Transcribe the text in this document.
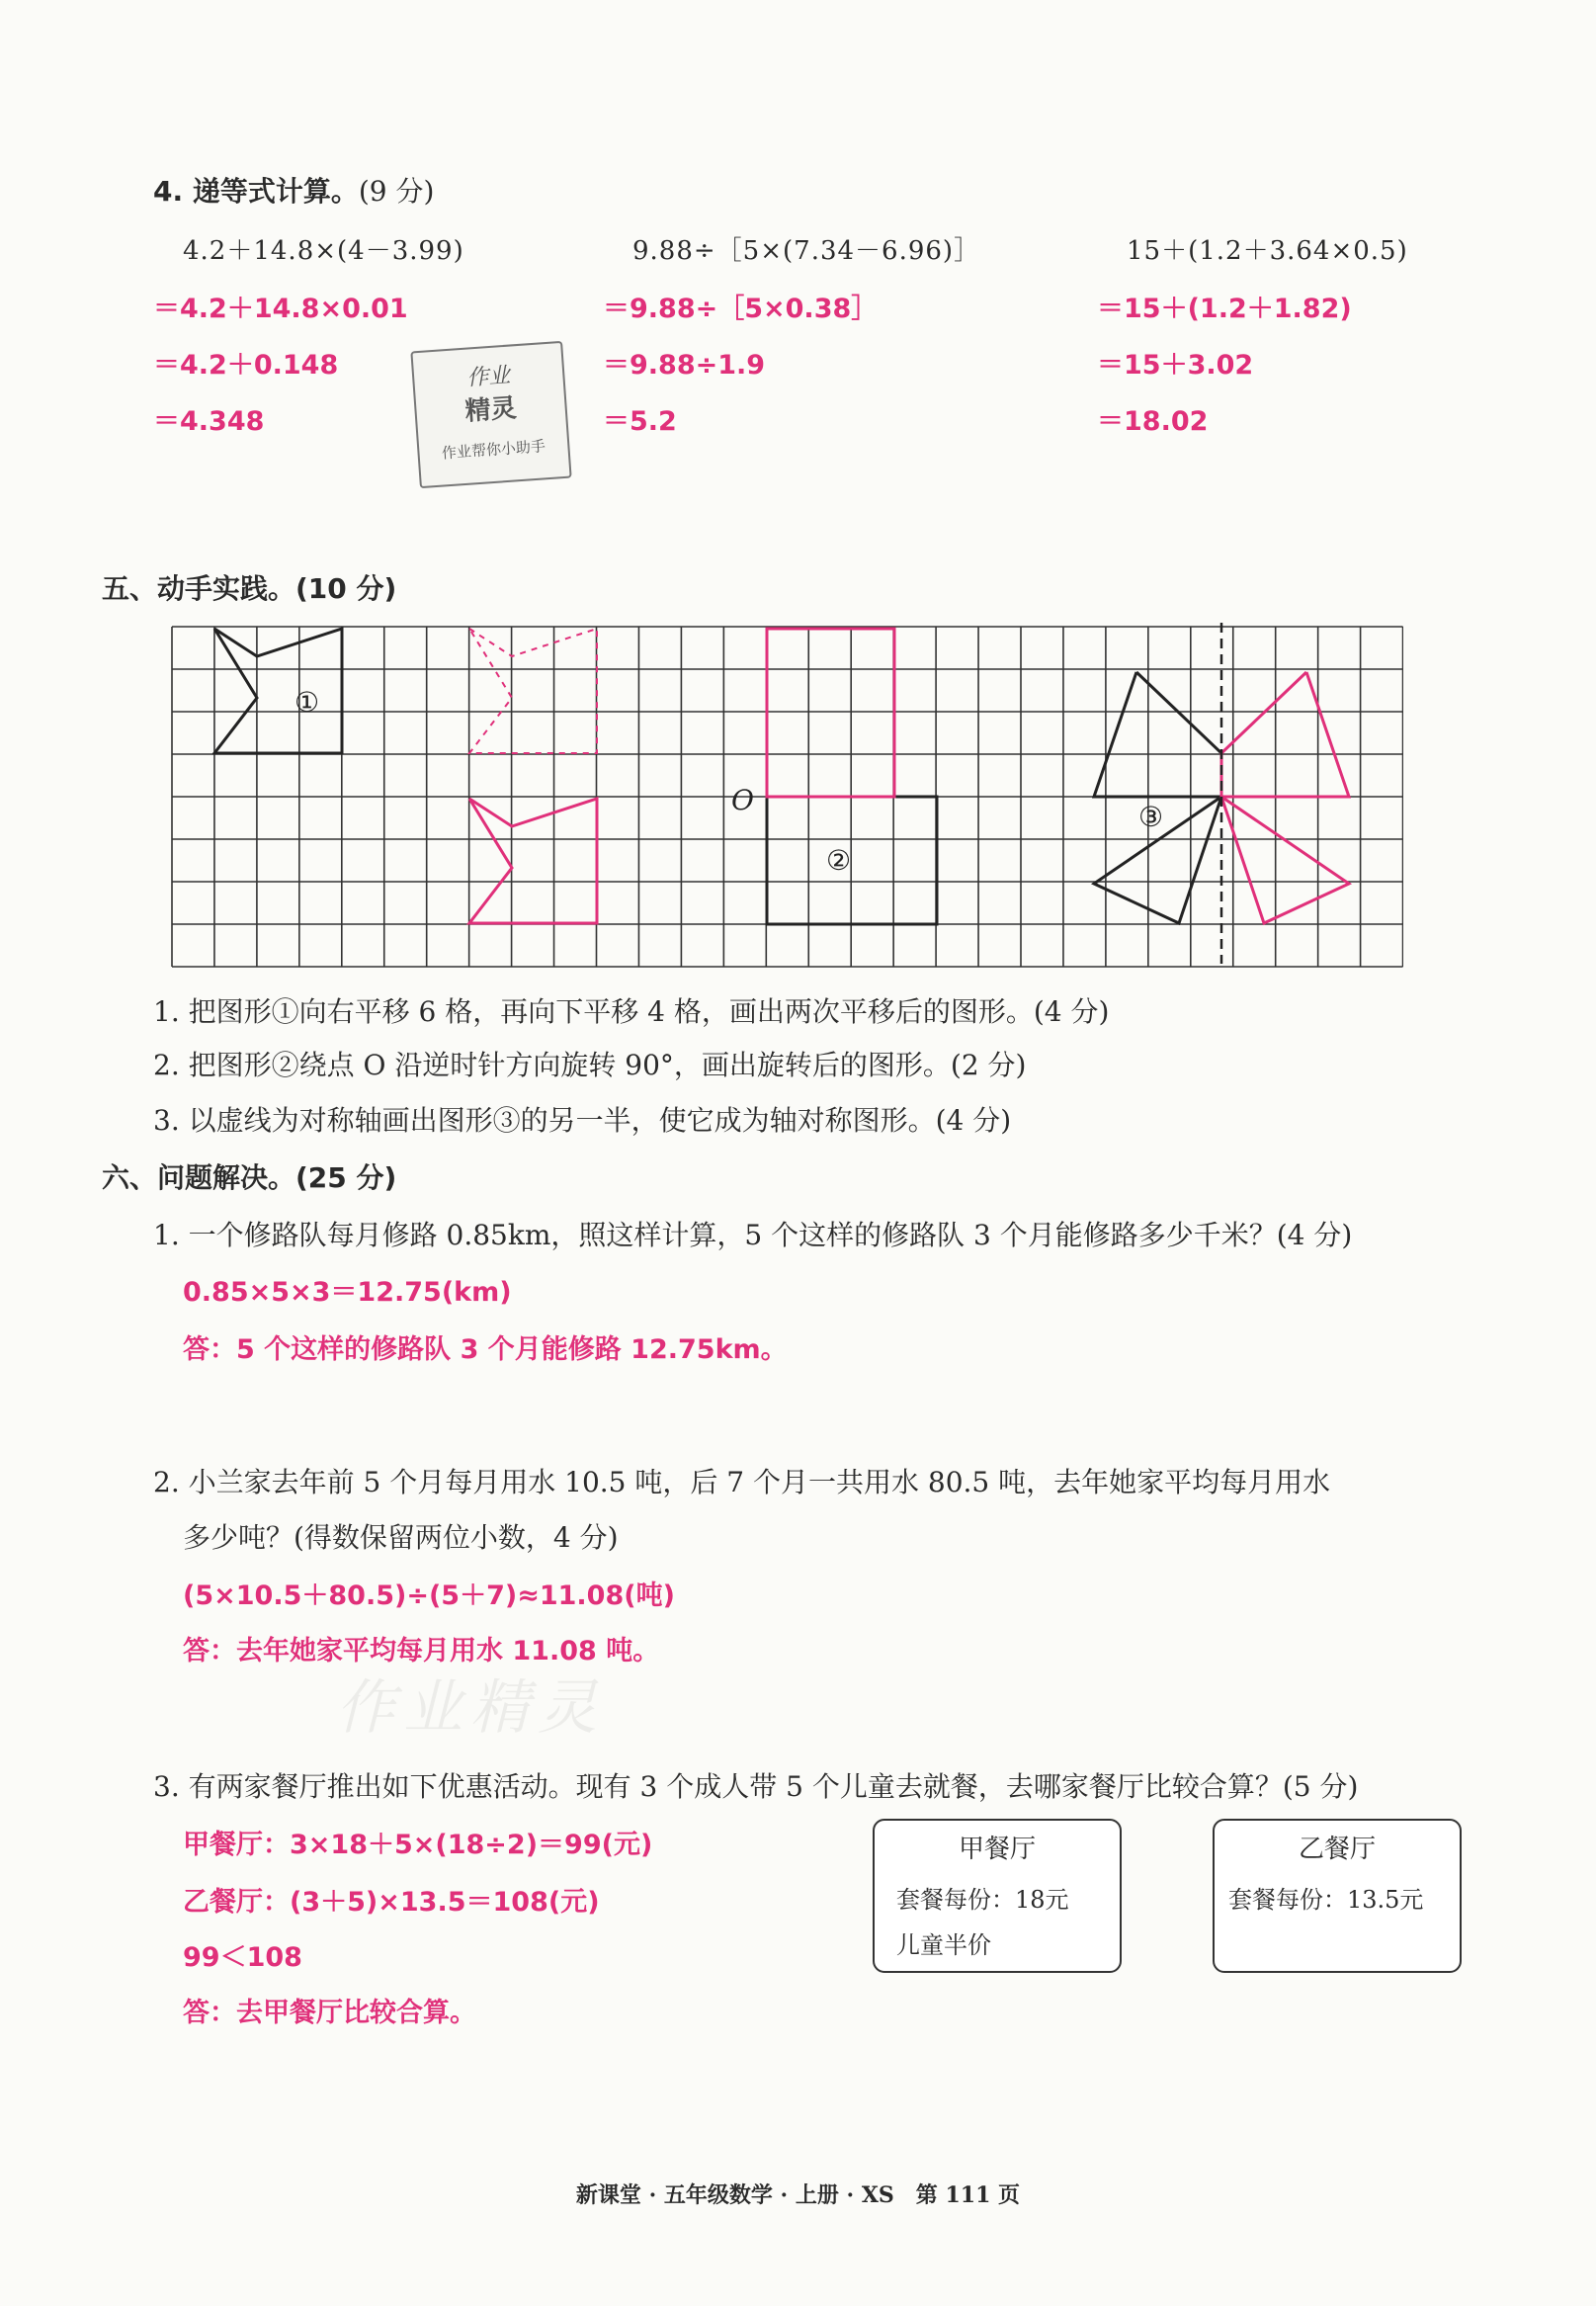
4. 递等式计算。(9 分)
4.2＋14.8×(4－3.99)	9.88÷［5×(7.34－6.96)］	15＋(1.2＋3.64×0.5)
＝4.2＋14.8×0.01
＝4.2＋0.148
＝4.348
＝9.88÷［5×0.38］
＝9.88÷1.9
＝5.2
＝15＋(1.2＋1.82)
＝15＋3.02
＝18.02
作业
精灵
作业帮你小助手
五、动手实践。(10 分)
①
②
③
O
1. 把图形①向右平移 6 格，再向下平移 4 格，画出两次平移后的图形。(4 分)
2. 把图形②绕点 O 沿逆时针方向旋转 90°，画出旋转后的图形。(2 分)
3. 以虚线为对称轴画出图形③的另一半，使它成为轴对称图形。(4 分)
六、问题解决。(25 分)
1. 一个修路队每月修路 0.85km，照这样计算，5 个这样的修路队 3 个月能修路多少千米？(4 分)
0.85×5×3＝12.75(km)
答：5 个这样的修路队 3 个月能修路 12.75km。
2. 小兰家去年前 5 个月每月用水 10.5 吨，后 7 个月一共用水 80.5 吨，去年她家平均每月用水
多少吨？(得数保留两位小数，4 分)
(5×10.5＋80.5)÷(5＋7)≈11.08(吨)
答：去年她家平均每月用水 11.08 吨。
作业精灵
3. 有两家餐厅推出如下优惠活动。现有 3 个成人带 5 个儿童去就餐，去哪家餐厅比较合算？(5 分)
甲餐厅：3×18＋5×(18÷2)＝99(元)
乙餐厅：(3＋5)×13.5＝108(元)
99＜108
答：去甲餐厅比较合算。
甲餐厅
套餐每份：18元
儿童半价
乙餐厅
套餐每份：13.5元
新课堂 · 五年级数学 · 上册 · XS　第 111 页
